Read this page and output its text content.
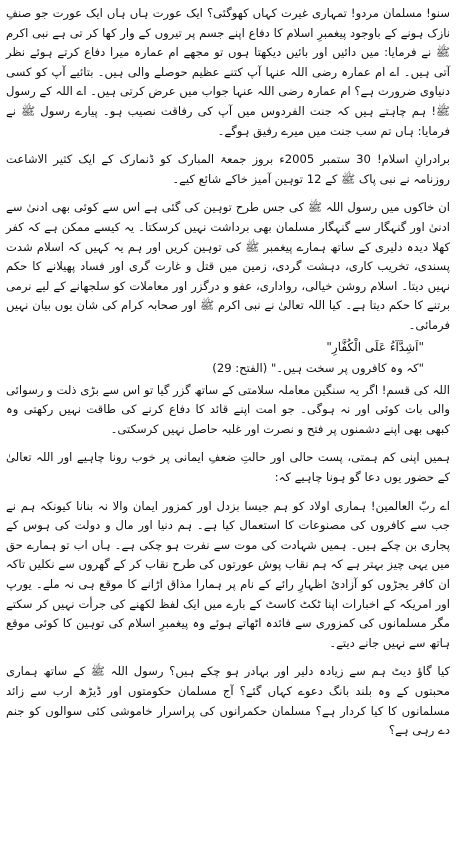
سنو! مسلمان مردو! تمہاری غیرت کہاں کھوگئی؟ ایک عورت ہاں ہاں ایک عورت جو صنفِ نازک ہونے کے باوجود پیغمبرِ اسلام کا دفاع اپنے جسم پر تیروں کے وار کھا کر تی ہے نبی اکرم ﷺ نے فرمایا: میں دائیں اور بائیں دیکھتا ہوں تو مجھے ام عمارہ میرا دفاع کرتے ہوئے نظر آتی ہیں۔ اے ام عمارہ رضی اللہ عنہا آپ کتنے عظیم حوصلے والی ہیں۔ بتائیے آپ کو کسی دنیاوی ضرورت ہے؟ ام عمارہ رضی اللہ عنہا جواب میں عرض کرتی ہیں۔ اے اللہ کے رسول ﷺ! ہم چاہتے ہیں کہ جنت الفردوس میں آپ کی رفاقت نصیب ہو۔ پیارے رسول ﷺ نے فرمایا: ہاں تم سب جنت میں میرے رفیق ہوگے۔

برادرانِ اسلام! 30 ستمبر 2005ء بروز جمعۃ المبارک کو ڈنمارک کے ایک کثیر الاشاعت روزنامہ نے نبی پاک ﷺ کے 12 توہین آمیز خاکے شائع کیے۔

ان خاکوں میں رسول اللہ ﷺ کی جس طرح توہین کی گئی ہے اس سے کوئی بھی ادنیٰ سے ادنیٰ اور گنہگار سے گنہگار مسلمان بھی برداشت نہیں کرسکتا۔ یہ کیسے ممکن ہے کہ کفر کھلا دیدہ دلیری کے ساتھ ہمارے پیغمبر ﷺ کی توہین کریں اور ہم یہ کہیں کہ اسلام شدت پسندی، تخریب کاری، دہشت گردی، زمین میں قتل و غارت گری اور فساد پھیلانے کا حکم نہیں دیتا۔ اسلام روشن خیالی، رواداری، عفو و درگزر اور معاملات کو سلجھانے کے لیے نرمی برتنے کا حکم دیتا ہے۔ کیا اللہ تعالیٰ نے نبی اکرم ﷺ اور صحابہ کرام کی شان یوں بیان نہیں فرمائی۔

"اَشِدَّآءُ عَلَی الْکُفَّارِ"

"کہ وہ کافروں پر سخت ہیں۔" (الفتح: 29)

اللہ کی قسم! اگر یہ سنگین معاملہ سلامتی کے ساتھ گزر گیا تو اس سے بڑی ذلت و رسوائی والی بات کوئی اور نہ ہوگی۔ جو امت اپنے قائد کا دفاع کرنے کی طاقت نہیں رکھتی وہ کبھی بھی اپنے دشمنوں پر فتح و نصرت اور غلبہ حاصل نہیں کرسکتی۔

ہمیں اپنی کم ہمتی، پست حالی اور حالتِ ضعفِ ایمانی پر خوب رونا چاہیے اور اللہ تعالیٰ کے حضور یوں دعا گو ہونا چاہیے کہ:

اے ربّ العالمین! ہماری اولاد کو ہم جیسا بزدل اور کمزور ایمان والا نہ بنانا کیونکہ ہم نے جب سے کافروں کی مصنوعات کا استعمال کیا ہے۔ ہم دنیا اور مال و دولت کی ہوس کے پجاری بن چکے ہیں۔ ہمیں شہادت کی موت سے نفرت ہو چکی ہے۔ ہاں اب تو ہمارے حق میں یہی چیز بہتر ہے کہ ہم نقاب پوش عورتوں کی طرح نقاب کر کے گھروں سے نکلیں تاکہ ان کافر یجڑوں کو آزادیٔ اظہارِ رائے کے نام پر ہمارا مذاق اڑانے کا موقع ہی نہ ملے۔ یورپ اور امریکہ کے اخبارات اپنا ٹکٹ کاسٹ کے بارے میں ایک لفظ لکھنے کی جرأت نہیں کر سکتے مگر مسلمانوں کی کمزوری سے فائدہ اٹھاتے ہوئے وہ پیغمبرِ اسلام کی توہین کا کوئی موقع ہاتھ سے نہیں جانے دیتے۔

کیا گاؤ دیٹ ہم سے زیادہ دلیر اور بہادر ہو چکے ہیں؟ رسول اللہ ﷺ کے ساتھ ہماری محبتوں کے وہ بلند بانگ دعوے کہاں گئے؟ آج مسلمان حکومتوں اور ڈیڑھ ارب سے زائد مسلمانوں کا کیا کردار ہے؟ مسلمان حکمرانوں کی پراسرار خاموشی کئی سوالوں کو جنم دے رہی ہے؟
